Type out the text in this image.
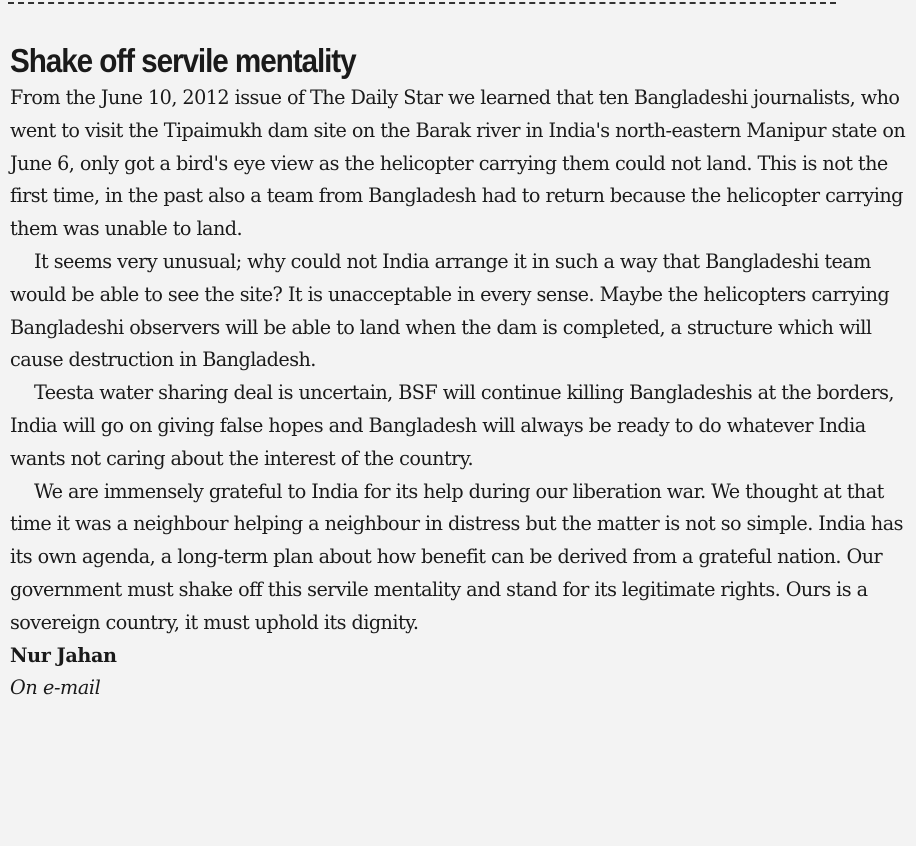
Shake off servile mentality

From the June 10, 2012 issue of The Daily Star we learned that ten Bangladeshi journalists, who went to visit the Tipaimukh dam site on the Barak river in India's north-eastern Manipur state on June 6, only got a bird's eye view as the helicopter carrying them could not land. This is not the first time, in the past also a team from Bangladesh had to return because the helicopter carrying them was unable to land.

It seems very unusual; why could not India arrange it in such a way that Bangladeshi team would be able to see the site? It is unacceptable in every sense. Maybe the helicopters carrying Bangladeshi observers will be able to land when the dam is completed, a structure which will cause destruction in Bangladesh.

Teesta water sharing deal is uncertain, BSF will continue killing Bangladeshis at the borders, India will go on giving false hopes and Bangladesh will always be ready to do whatever India wants not caring about the interest of the country.

We are immensely grateful to India for its help during our liberation war. We thought at that time it was a neighbour helping a neighbour in distress but the matter is not so simple. India has its own agenda, a long-term plan about how benefit can be derived from a grateful nation. Our government must shake off this servile mentality and stand for its legitimate rights. Ours is a sovereign country, it must uphold its dignity.

Nur Jahan
On e-mail
